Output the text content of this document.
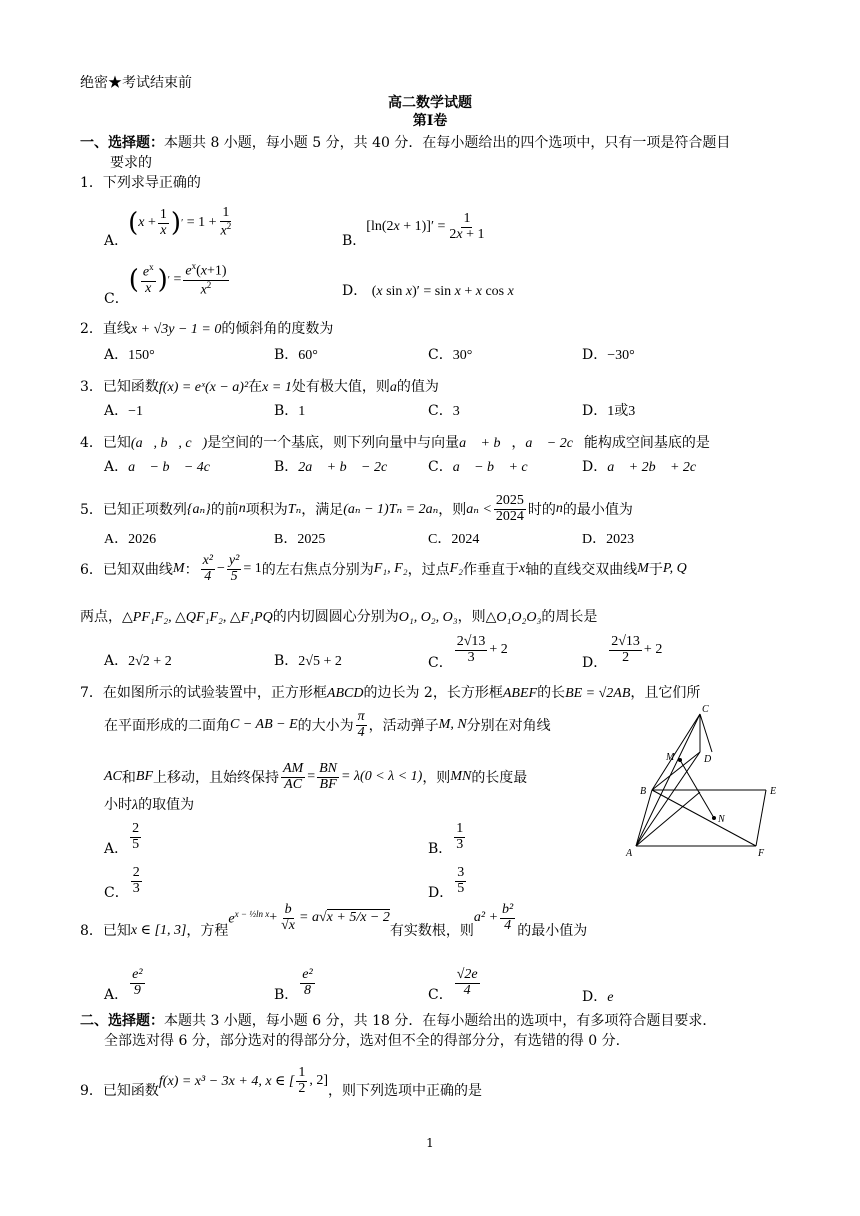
绝密★考试结束前
高二数学试题
第Ⅰ卷
一、选择题：本题共 8 小题，每小题 5 分，共 40 分．在每小题给出的四个选项中，只有一项是符合题目
要求的
1．下列求导正确的
A．
( x +
1
x ) ′ = 1 +
1
$x^2$
B．
[ln(2 x + 1)]′ =
1
2x + 1
C．
( $e^x$
x ) ′ =
$e^x(x+1)$
$x^2$	D． (x sin x)′ = sin x + x cos x
2．直线x + √3y − 1 = 0的倾斜角的度数为
A．150°	B．60°	C．30°	D．−30°
3．已知函数f(x) = eˣ(x − a)²在x = 1处有极大值，则a的值为
A．−1	B．1	C．3	D．1或3
4．已知(a⃗, b⃗, c⃗)是空间的一个基底，则下列向量中与向量a⃗ + b⃗，a⃗ − 2c⃗能构成空间基底的是
A．a⃗ − b⃗ − 4c⃗	B．2a⃗ + b⃗ − 2c⃗ C．a⃗ − b⃗ + c⃗	D．a⃗ + 2b⃗ + 2c⃗
5． 已知正项数列 {aₙ} 的前 n 项积为 Tₙ ，满足 (aₙ − 1)Tₙ = 2aₙ ，则 aₙ <
2025
2024 时的 n 的最小值为
A．2026	B．2025	C．2024	D．2023
6． 已知双曲线 M ：
x²
$4 - \frac{\text{y²}}{5} = 1$ 的左右焦点分别为 F₁, F₂ ，过点 F₂ 作垂直于 x 轴的直线交双曲线 M 于 P, Q
两点，△PF₁F₂, △QF₁F₂, △F₁PQ的内切圆圆心分别为O₁, O₂, O₃，则△O₁O₂O₃的周长是
A．2√2 + 2	B．2√5 + 2	C．
2√13
3 + 2
D．
2√13
2 + 2
7．在如图所示的试验装置中，正方形框ABCD的边长为 2，长方形框ABEF的长BE = √2AB，且它们所
在平面形成的二面角 C − AB − E 的大小为
π
4 ，活动弹子 M, N 分别在对角线
AC 和 BF 上移动，且始终保持 $\frac{AM}{AC} = \frac{BN}{BF} = \lambda(0 < \lambda < 1)$ ，则 MN 的长度最
小时λ的取值为
A．
2
5	B．
1
3
C．
2
3	D．
3
5
C
M	D
B	E
N
A	F
8． 已知 x ∈ [1, 3] ，方程
$e^{x - \frac{1}{2}ln x} + \frac{b}{√x} = a$ √x + 5/x − 2
有实数根，则
$a^2 + \frac{\text{b²}}{4}$ 的最小值为
A．
e²
9	B．
e²
8	C．
√2e
4	D．e
二、选择题：本题共 3 小题，每小题 6 分，共 18 分．在每小题给出的选项中，有多项符合题目要求．
全部选对得 6 分，部分选对的得部分分，选对但不全的得部分分，有选错的得 0 分.
9． 已知函数
f(x) = x³ − 3x + 4, x ∈ [
1
2 , 2]
，则下列选项中正确的是
1
